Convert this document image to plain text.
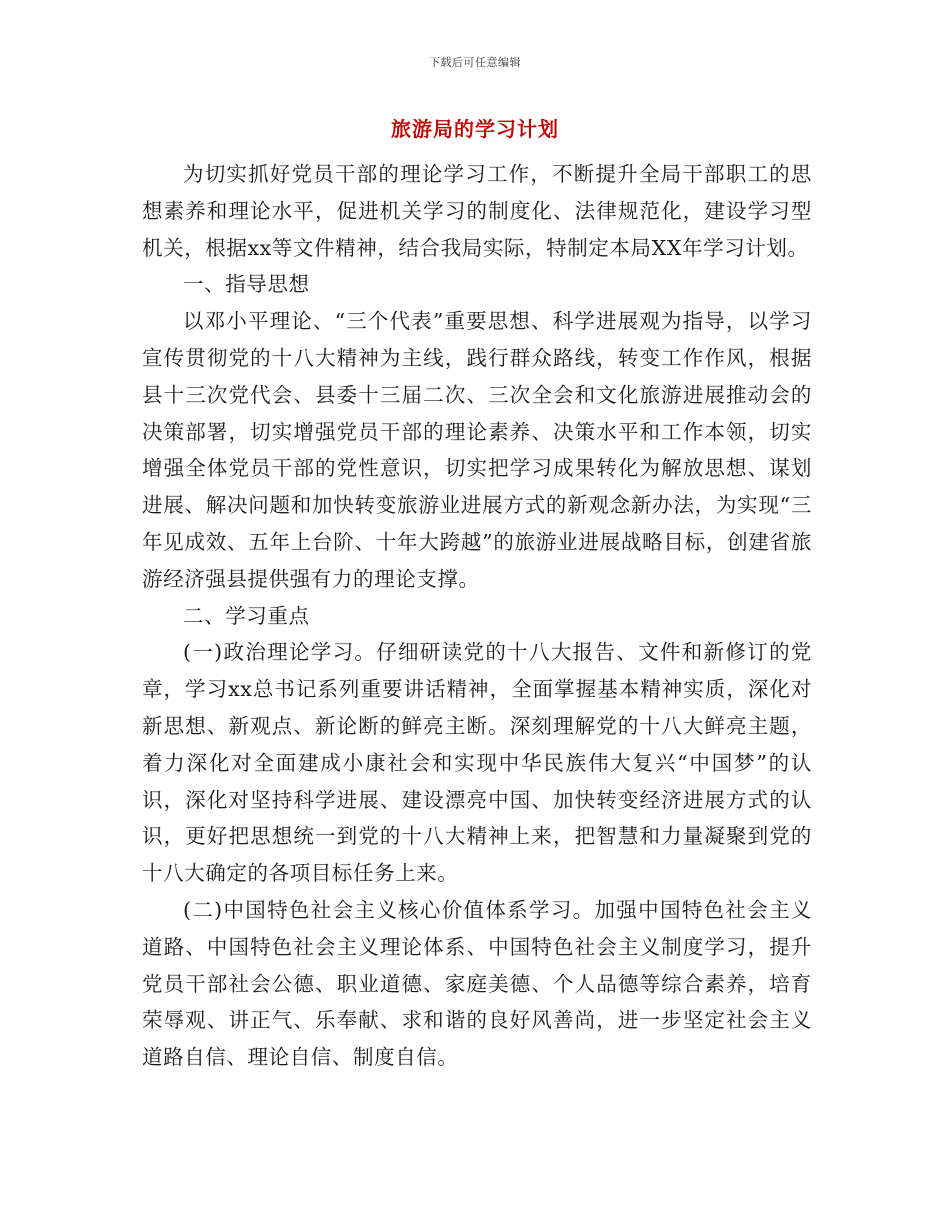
下载后可任意编辑
旅游局的学习计划

为切实抓好党员干部的理论学习工作，不断提升全局干部职工的思想素养和理论水平，促进机关学习的制度化、法律规范化，建设学习型机关，根据xx等文件精神，结合我局实际，特制定本局XX年学习计划。

一、指导思想

以邓小平理论、“三个代表”重要思想、科学进展观为指导，以学习宣传贯彻党的十八大精神为主线，践行群众路线，转变工作作风，根据县十三次党代会、县委十三届二次、三次全会和文化旅游进展推动会的决策部署，切实增强党员干部的理论素养、决策水平和工作本领，切实增强全体党员干部的党性意识，切实把学习成果转化为解放思想、谋划进展、解决问题和加快转变旅游业进展方式的新观念新办法，为实现“三年见成效、五年上台阶、十年大跨越”的旅游业进展战略目标，创建省旅游经济强县提供强有力的理论支撑。

二、学习重点

(一)政治理论学习。仔细研读党的十八大报告、文件和新修订的党章，学习xx总书记系列重要讲话精神，全面掌握基本精神实质，深化对新思想、新观点、新论断的鲜亮主断。深刻理解党的十八大鲜亮主题，着力深化对全面建成小康社会和实现中华民族伟大复兴“中国梦”的认识，深化对坚持科学进展、建设漂亮中国、加快转变经济进展方式的认识，更好把思想统一到党的十八大精神上来，把智慧和力量凝聚到党的十八大确定的各项目标任务上来。

(二)中国特色社会主义核心价值体系学习。加强中国特色社会主义道路、中国特色社会主义理论体系、中国特色社会主义制度学习，提升党员干部社会公德、职业道德、家庭美德、个人品德等综合素养，培育荣辱观、讲正气、乐奉献、求和谐的良好风善尚，进一步坚定社会主义道路自信、理论自信、制度自信。
